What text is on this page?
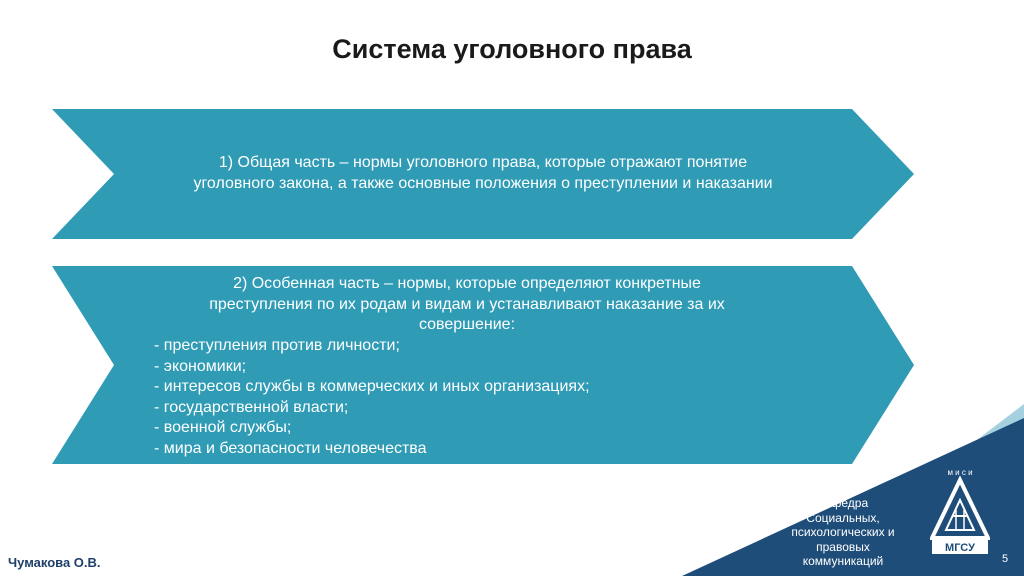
Система уголовного права
1) Общая часть – нормы уголовного права, которые отражают понятие
уголовного закона, а также основные положения о преступлении и наказании
2) Особенная часть – нормы, которые определяют конкретные
преступления по их родам и видам и устанавливают наказание за их
совершение:
- преступления против личности;
- экономики;
- интересов службы в коммерческих и иных организациях;
- государственной власти;
- военной службы;
- мира и безопасности человечества
Кафедра
Социальных,
психологических и
правовых коммуникаций
м и с и
МГСУ
Чумакова О.В.	5
